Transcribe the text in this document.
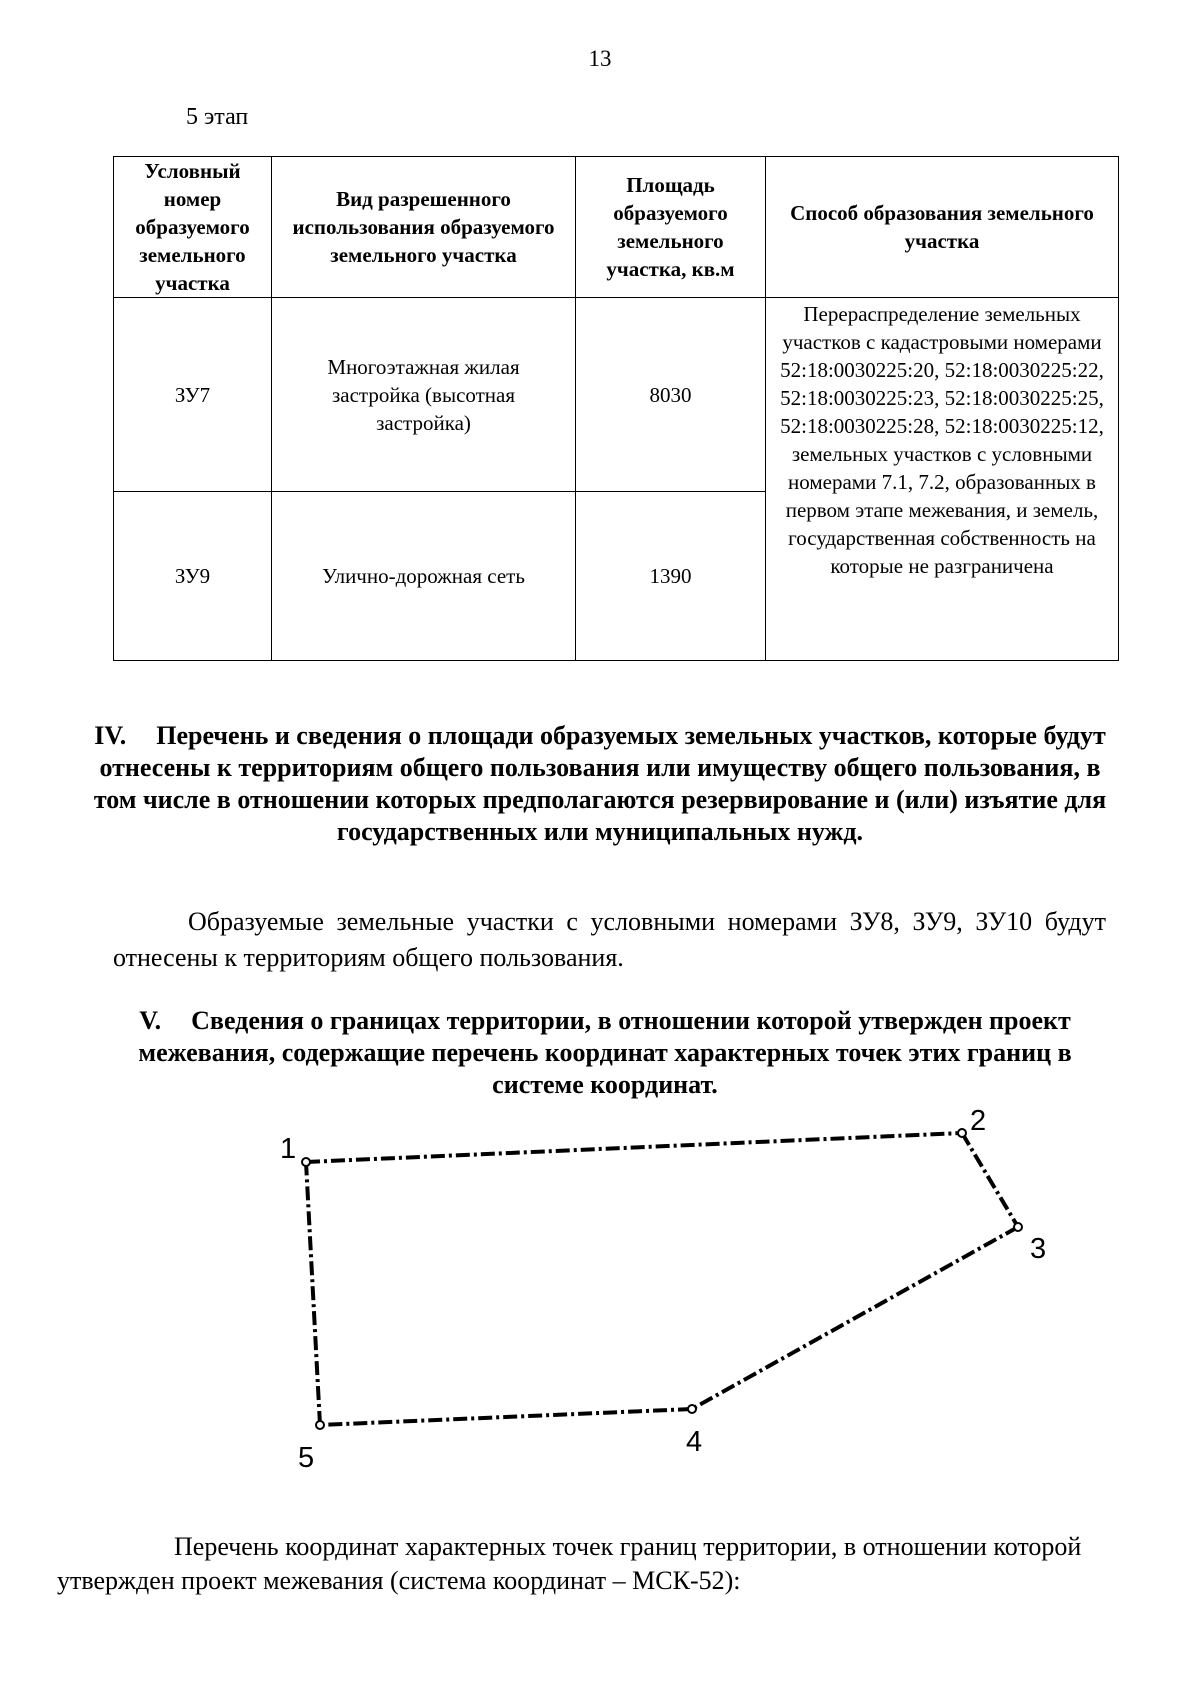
13
5 этап
Условный номер образуемого земельного участка	Вид разрешенного использования образуемого земельного участка	Площадь образуемого земельного участка, кв.м	Способ образования земельного участка
ЗУ7	Многоэтажная жилая застройка (высотная застройка)	8030	Перераспределение земельных участков с кадастровыми номерами 52:18:0030225:20, 52:18:0030225:22, 52:18:0030225:23, 52:18:0030225:25, 52:18:0030225:28, 52:18:0030225:12, земельных участков с условными номерами 7.1, 7.2, образованных в первом этапе межевания, и земель, государственная собственность на которые не разграничена
ЗУ9	Улично-дорожная сеть	1390	
IV. Перечень и сведения о площади образуемых земельных участков, которые будут отнесены к территориям общего пользования или имуществу общего пользования, в том числе в отношении которых предполагаются резервирование и (или) изъятие для государственных или муниципальных нужд.
Образуемые земельные участки с условными номерами ЗУ8, ЗУ9, ЗУ10 будут отнесены к территориям общего пользования.
V. Сведения о границах территории, в отношении которой утвержден проект межевания, содержащие перечень координат характерных точек этих границ в системе координат.
1
2
3
4
5
Перечень координат характерных точек границ территории, в отношении которой утвержден проект межевания (система координат – МСК-52):
